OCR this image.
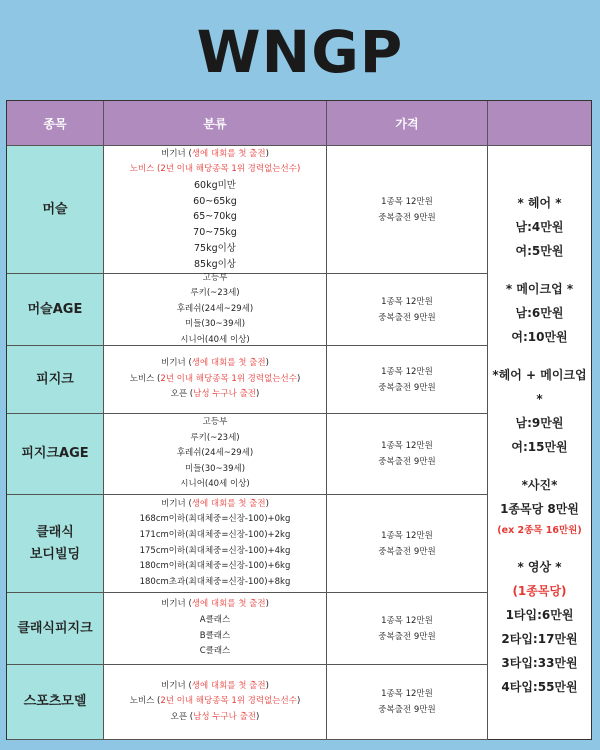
WNGP
종목	분류	가격
머슬
비기너 (생에 대회를 첫 출전)
노비스 (2년 이내 해당종목 1위 경력없는선수)
60kg미만
60~65kg
65~70kg
70~75kg
75kg이상
85kg이상
1종목 12만원
중복출전 9만원
머슬AGE
고등부
루키(~23세)
후레쉬(24세~29세)
미들(30~39세)
시니어(40세 이상)
1종목 12만원
중복출전 9만원
피지크
비기너 (생에 대회를 첫 출전)
노비스 (2년 이내 해당종목 1위 경력없는선수)
오픈 (남성 누구나 출전)
1종목 12만원
중복출전 9만원
피지크AGE
고등부
루키(~23세)
후레쉬(24세~29세)
미들(30~39세)
시니어(40세 이상)
1종목 12만원
중복출전 9만원
클래식
보디빌딩
비기너 (생에 대회를 첫 출전)
168cm이하(최대체중=신장-100)+0kg
171cm이하(최대체중=신장-100)+2kg
175cm이하(최대체중=신장-100)+4kg
180cm이하(최대체중=신장-100)+6kg
180cm초과(최대체중=신장-100)+8kg
1종목 12만원
중복출전 9만원
클래식피지크
비기너 (생에 대회를 첫 출전)
A클래스
B클래스
C클래스
1종목 12만원
중복출전 9만원
스포츠모델
비기너 (생에 대회를 첫 출전)
노비스 (2년 이내 해당종목 1위 경력없는선수)
오픈 (남성 누구나 출전)
1종목 12만원
중복출전 9만원
* 헤어 *
남:4만원
여:5만원
* 메이크업 *
남:6만원
여:10만원
*헤어 + 메이크업
*
남:9만원
여:15만원
*사진*
1종목당 8만원
(ex 2종목 16만원)
* 영상 *
(1종목당)
1타입:6만원
2타입:17만원
3타입:33만원
4타입:55만원
